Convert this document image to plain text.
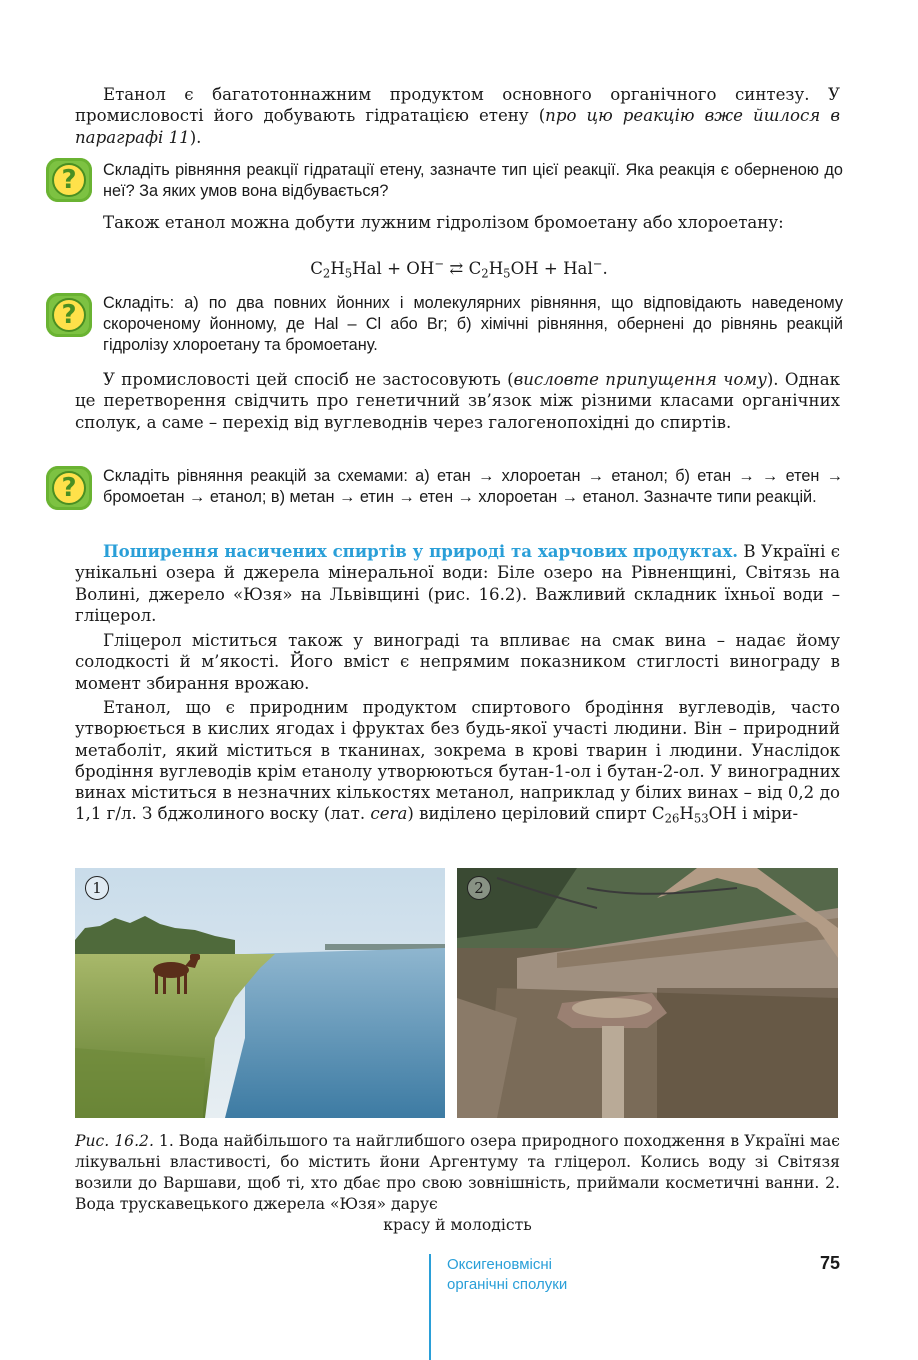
Етанол є багатотоннажним продуктом основного органічного синтезу. У промисловості його добувають гідратацією етену (про цю реакцію вже йшлося в параграфі 11).

?	Складіть рівняння реакції гідратації етену, зазначте тип цієї реакції. Яка реакція є оберненою до неї? За яких умов вона відбувається?

Також етанол можна добути лужним гідролізом бромоетану або хлороетану:

$C_2H_5Hal + OH^-$ ⇄ $C_2H_5OH + Hal^-$.
?	Складіть: а) по два повних йонних і молекулярних рівняння, що відповідають наведеному скороченому йонному, де Hal – Cl або Br; б) хімічні рівняння, обернені до рівнянь реакцій гідролізу хлороетану та бромоетану.

У промисловості цей спосіб не застосовують (висловте припущення чому). Однак це перетворення свідчить про генетичний зв’язок між різними класами органічних сполук, а саме – перехід від вуглеводнів через галогенопохідні до спиртів.

?	Складіть рівняння реакцій за схемами: а) етан → хлороетан → етанол; б) етан → → етен → бромоетан → етанол; в) метан → етин → етен → хлороетан → етанол. Зазначте типи реакцій.

Поширення насичених спиртів у природі та харчових продуктах. В Україні є унікальні озера й джерела мінеральної води: Біле озеро на Рівненщині, Світязь на Волині, джерело «Юзя» на Львівщині (рис. 16.2). Важливий складник їхньої води – гліцерол.

Гліцерол міститься також у винограді та впливає на смак вина – надає йому солодкості й м’якості. Його вміст є непрямим показником стиглості винограду в момент збирання врожаю.

Етанол, що є природним продуктом спиртового бродіння вуглеводів, часто утворюється в кислих ягодах і фруктах без будь-якої участі людини. Він – природний метаболіт, який міститься в тканинах, зокрема в крові тварин і людини. Унаслідок бродіння вуглеводів крім етанолу утворюються бутан-1-ол і бутан-2-ол. У виноградних винах міститься в незначних кількостях метанол, наприклад у білих винах – від 0,2 до 1,1 г/л. З бджолиного воску (лат. cera) виділено церіловий спирт $C_{26}H_{53}OH$ і міри-

1	2

Рис. 16.2. 1. Вода найбільшого та найглибшого озера природного походження в Україні має лікувальні властивості, бо містить йони Аргентуму та гліцерол. Колись воду зі Світязя возили до Варшави, щоб ті, хто дбає про свою зовнішність, приймали косметичні ванни. 2. Вода трускавецького джерела «Юзя» дарує

красу й молодість
Оксигеновмісні
органічні сполуки
75
